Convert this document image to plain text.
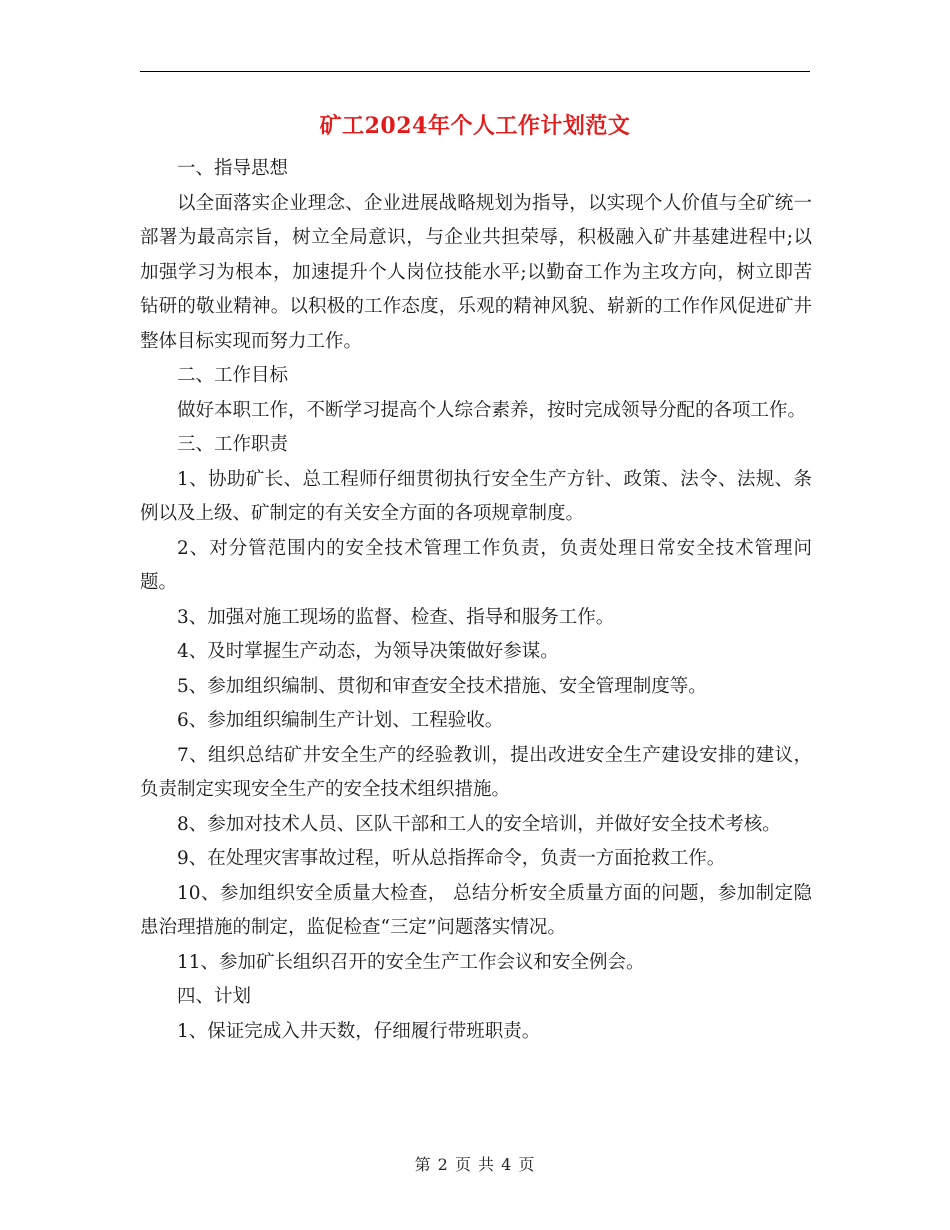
矿工2024年个人工作计划范文

一、指导思想

以全面落实企业理念、企业进展战略规划为指导，以实现个人价值与全矿统一部署为最高宗旨，树立全局意识，与企业共担荣辱，积极融入矿井基建进程中;以加强学习为根本，加速提升个人岗位技能水平;以勤奋工作为主攻方向，树立即苦钻研的敬业精神。以积极的工作态度，乐观的精神风貌、崭新的工作作风促进矿井整体目标实现而努力工作。

二、工作目标

做好本职工作，不断学习提高个人综合素养，按时完成领导分配的各项工作。

三、工作职责

1、协助矿长、总工程师仔细贯彻执行安全生产方针、政策、法令、法规、条例以及上级、矿制定的有关安全方面的各项规章制度。

2、对分管范围内的安全技术管理工作负责，负责处理日常安全技术管理问题。

3、加强对施工现场的监督、检查、指导和服务工作。

4、及时掌握生产动态，为领导决策做好参谋。

5、参加组织编制、贯彻和审查安全技术措施、安全管理制度等。

6、参加组织编制生产计划、工程验收。

7、组织总结矿井安全生产的经验教训，提出改进安全生产建设安排的建议，负责制定实现安全生产的安全技术组织措施。

8、参加对技术人员、区队干部和工人的安全培训，并做好安全技术考核。

9、在处理灾害事故过程，听从总指挥命令，负责一方面抢救工作。

10、参加组织安全质量大检查， 总结分析安全质量方面的问题，参加制定隐患治理措施的制定，监促检查“三定”问题落实情况。

11、参加矿长组织召开的安全生产工作会议和安全例会。

四、计划

1、保证完成入井天数，仔细履行带班职责。

第 2 页 共 4 页
